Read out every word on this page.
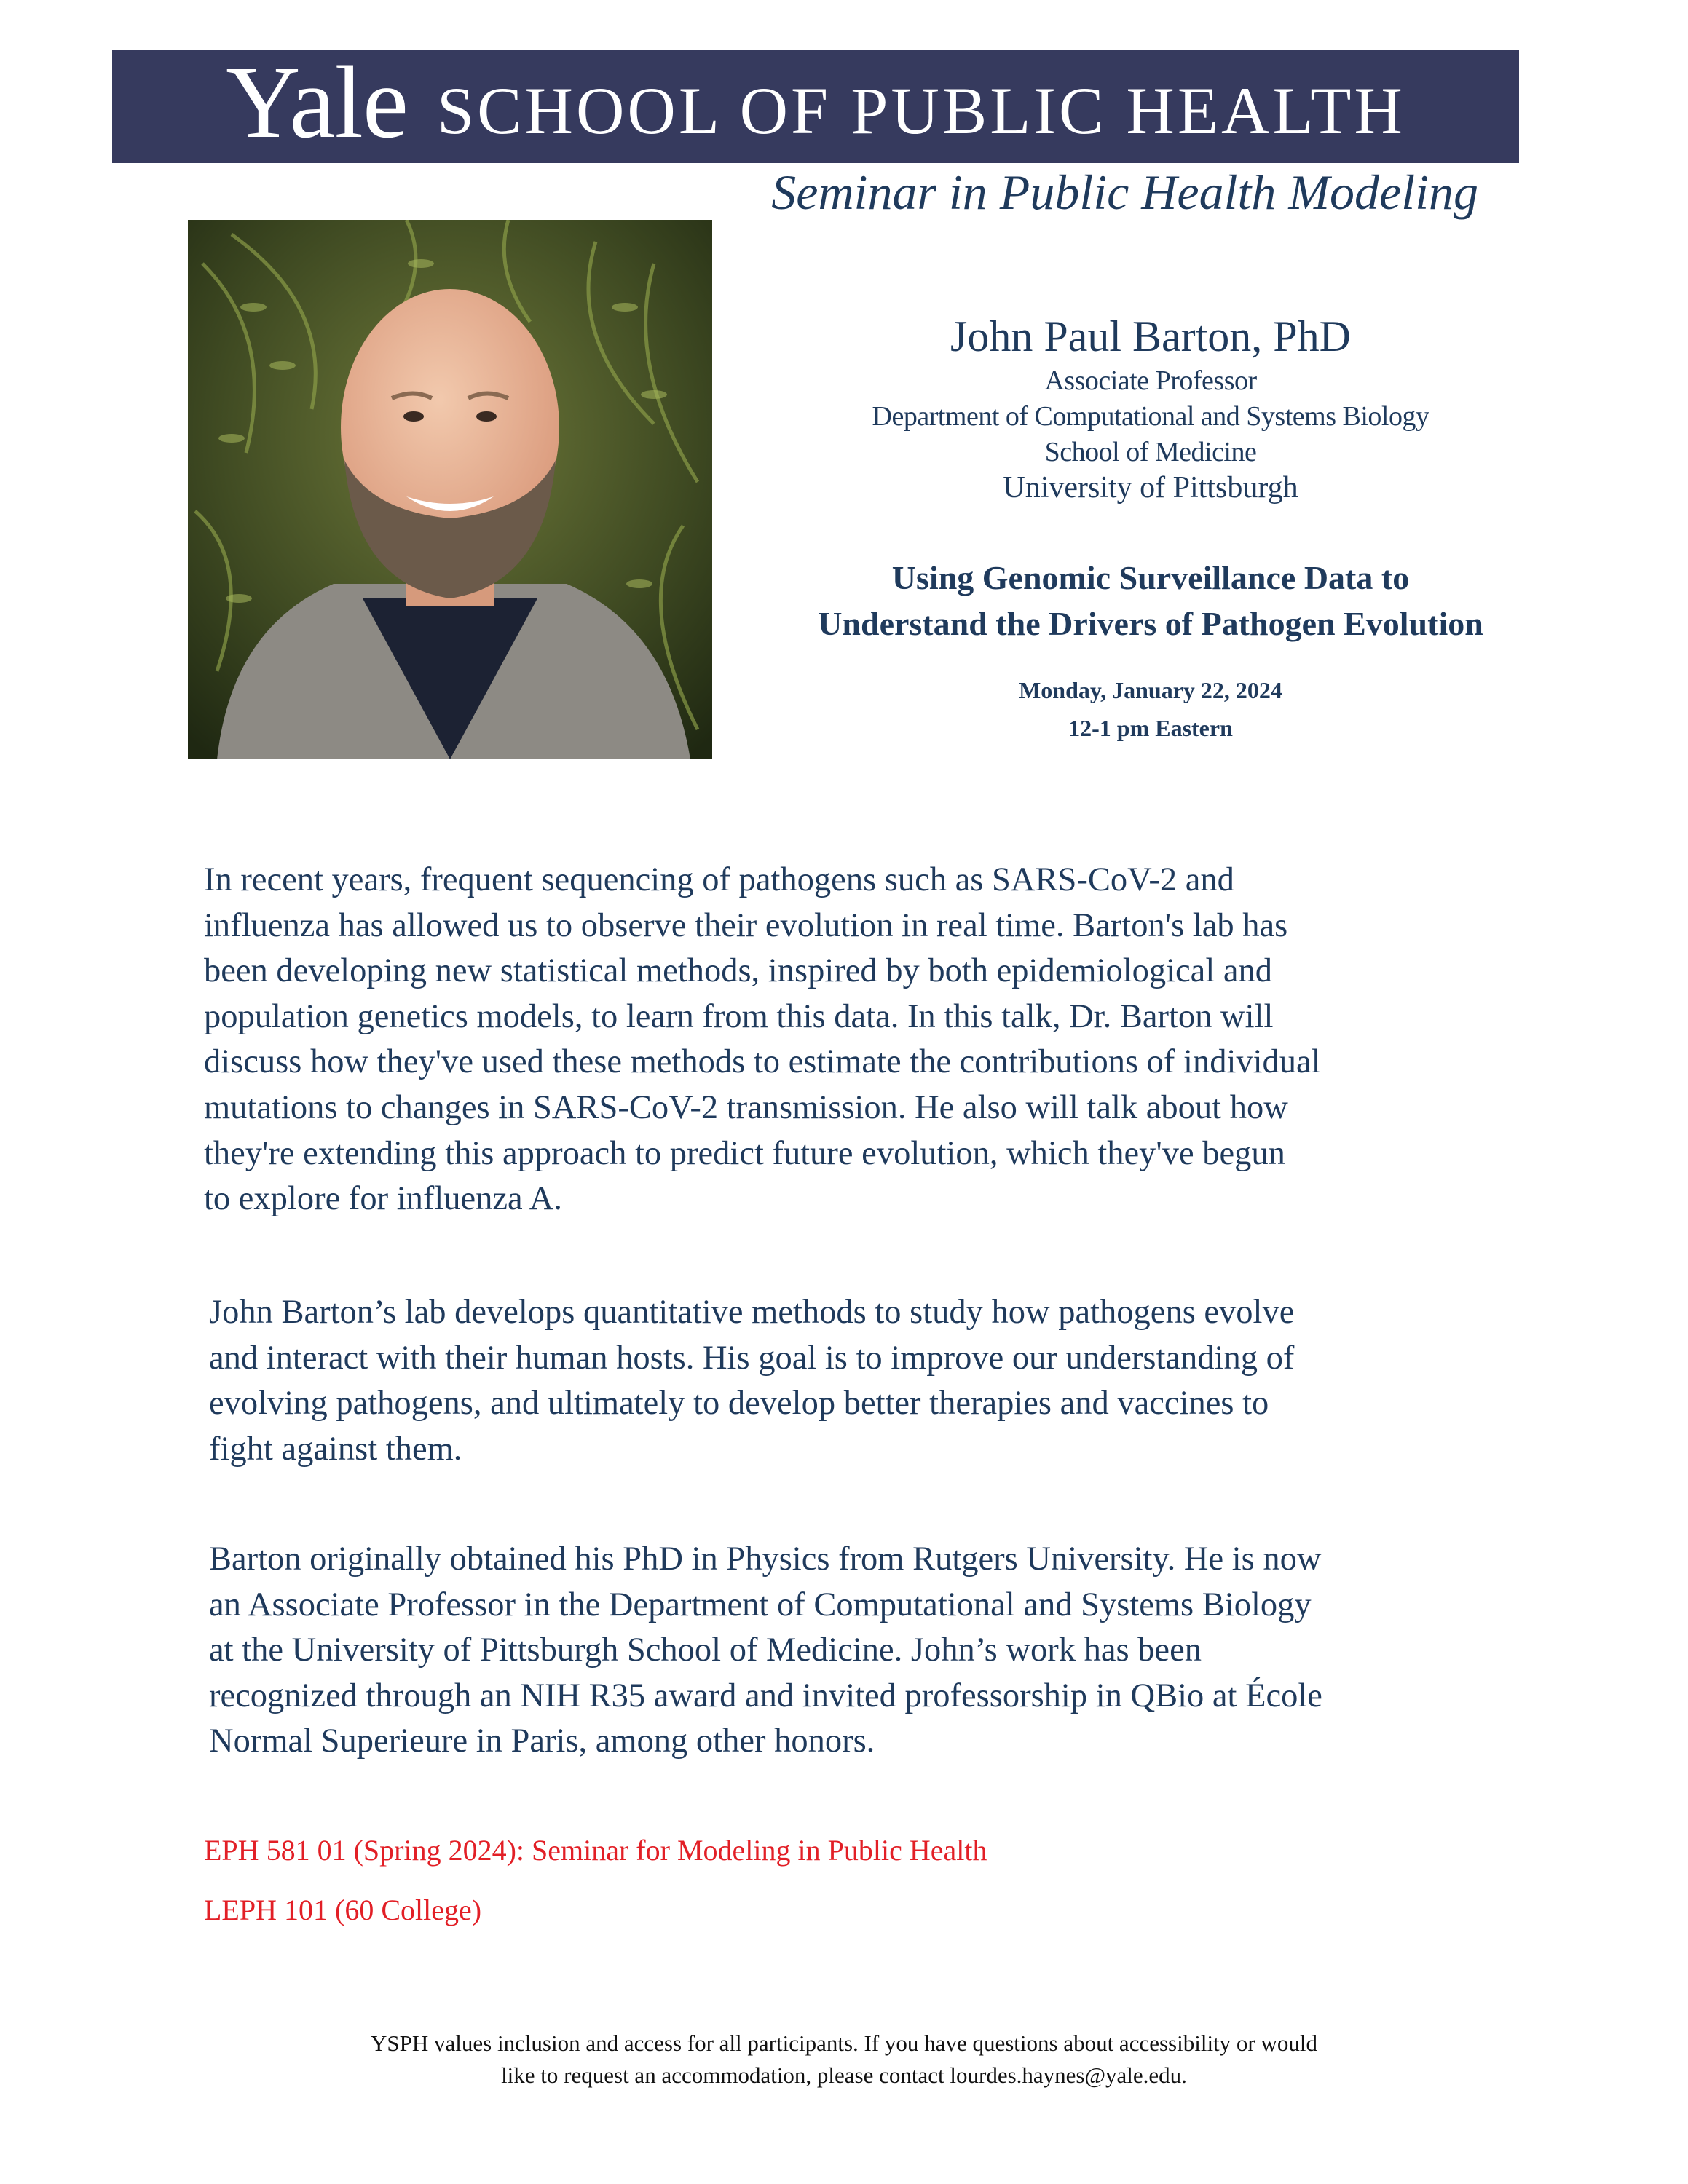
Yale SCHOOL OF PUBLIC HEALTH
Seminar in Public Health Modeling
John Paul Barton, PhD
Associate Professor
Department of Computational and Systems Biology
School of Medicine
University of Pittsburgh
Using Genomic Surveillance Data to
Understand the Drivers of Pathogen Evolution
Monday, January 22, 2024
12-1 pm Eastern
In recent years, frequent sequencing of pathogens such as SARS-CoV-2 and
influenza has allowed us to observe their evolution in real time. Barton's lab has
been developing new statistical methods, inspired by both epidemiological and
population genetics models, to learn from this data. In this talk, Dr. Barton will
discuss how they've used these methods to estimate the contributions of individual
mutations to changes in SARS-CoV-2 transmission. He also will talk about how
they're extending this approach to predict future evolution, which they've begun
to explore for influenza A.
John Barton’s lab develops quantitative methods to study how pathogens evolve
and interact with their human hosts. His goal is to improve our understanding of
evolving pathogens, and ultimately to develop better therapies and vaccines to
fight against them.
Barton originally obtained his PhD in Physics from Rutgers University. He is now
an Associate Professor in the Department of Computational and Systems Biology
at the University of Pittsburgh School of Medicine. John’s work has been
recognized through an NIH R35 award and invited professorship in QBio at École
Normal Superieure in Paris, among other honors.
EPH 581 01 (Spring 2024): Seminar for Modeling in Public Health
LEPH 101 (60 College)
YSPH values inclusion and access for all participants. If you have questions about accessibility or would
like to request an accommodation, please contact lourdes.haynes@yale.edu.
